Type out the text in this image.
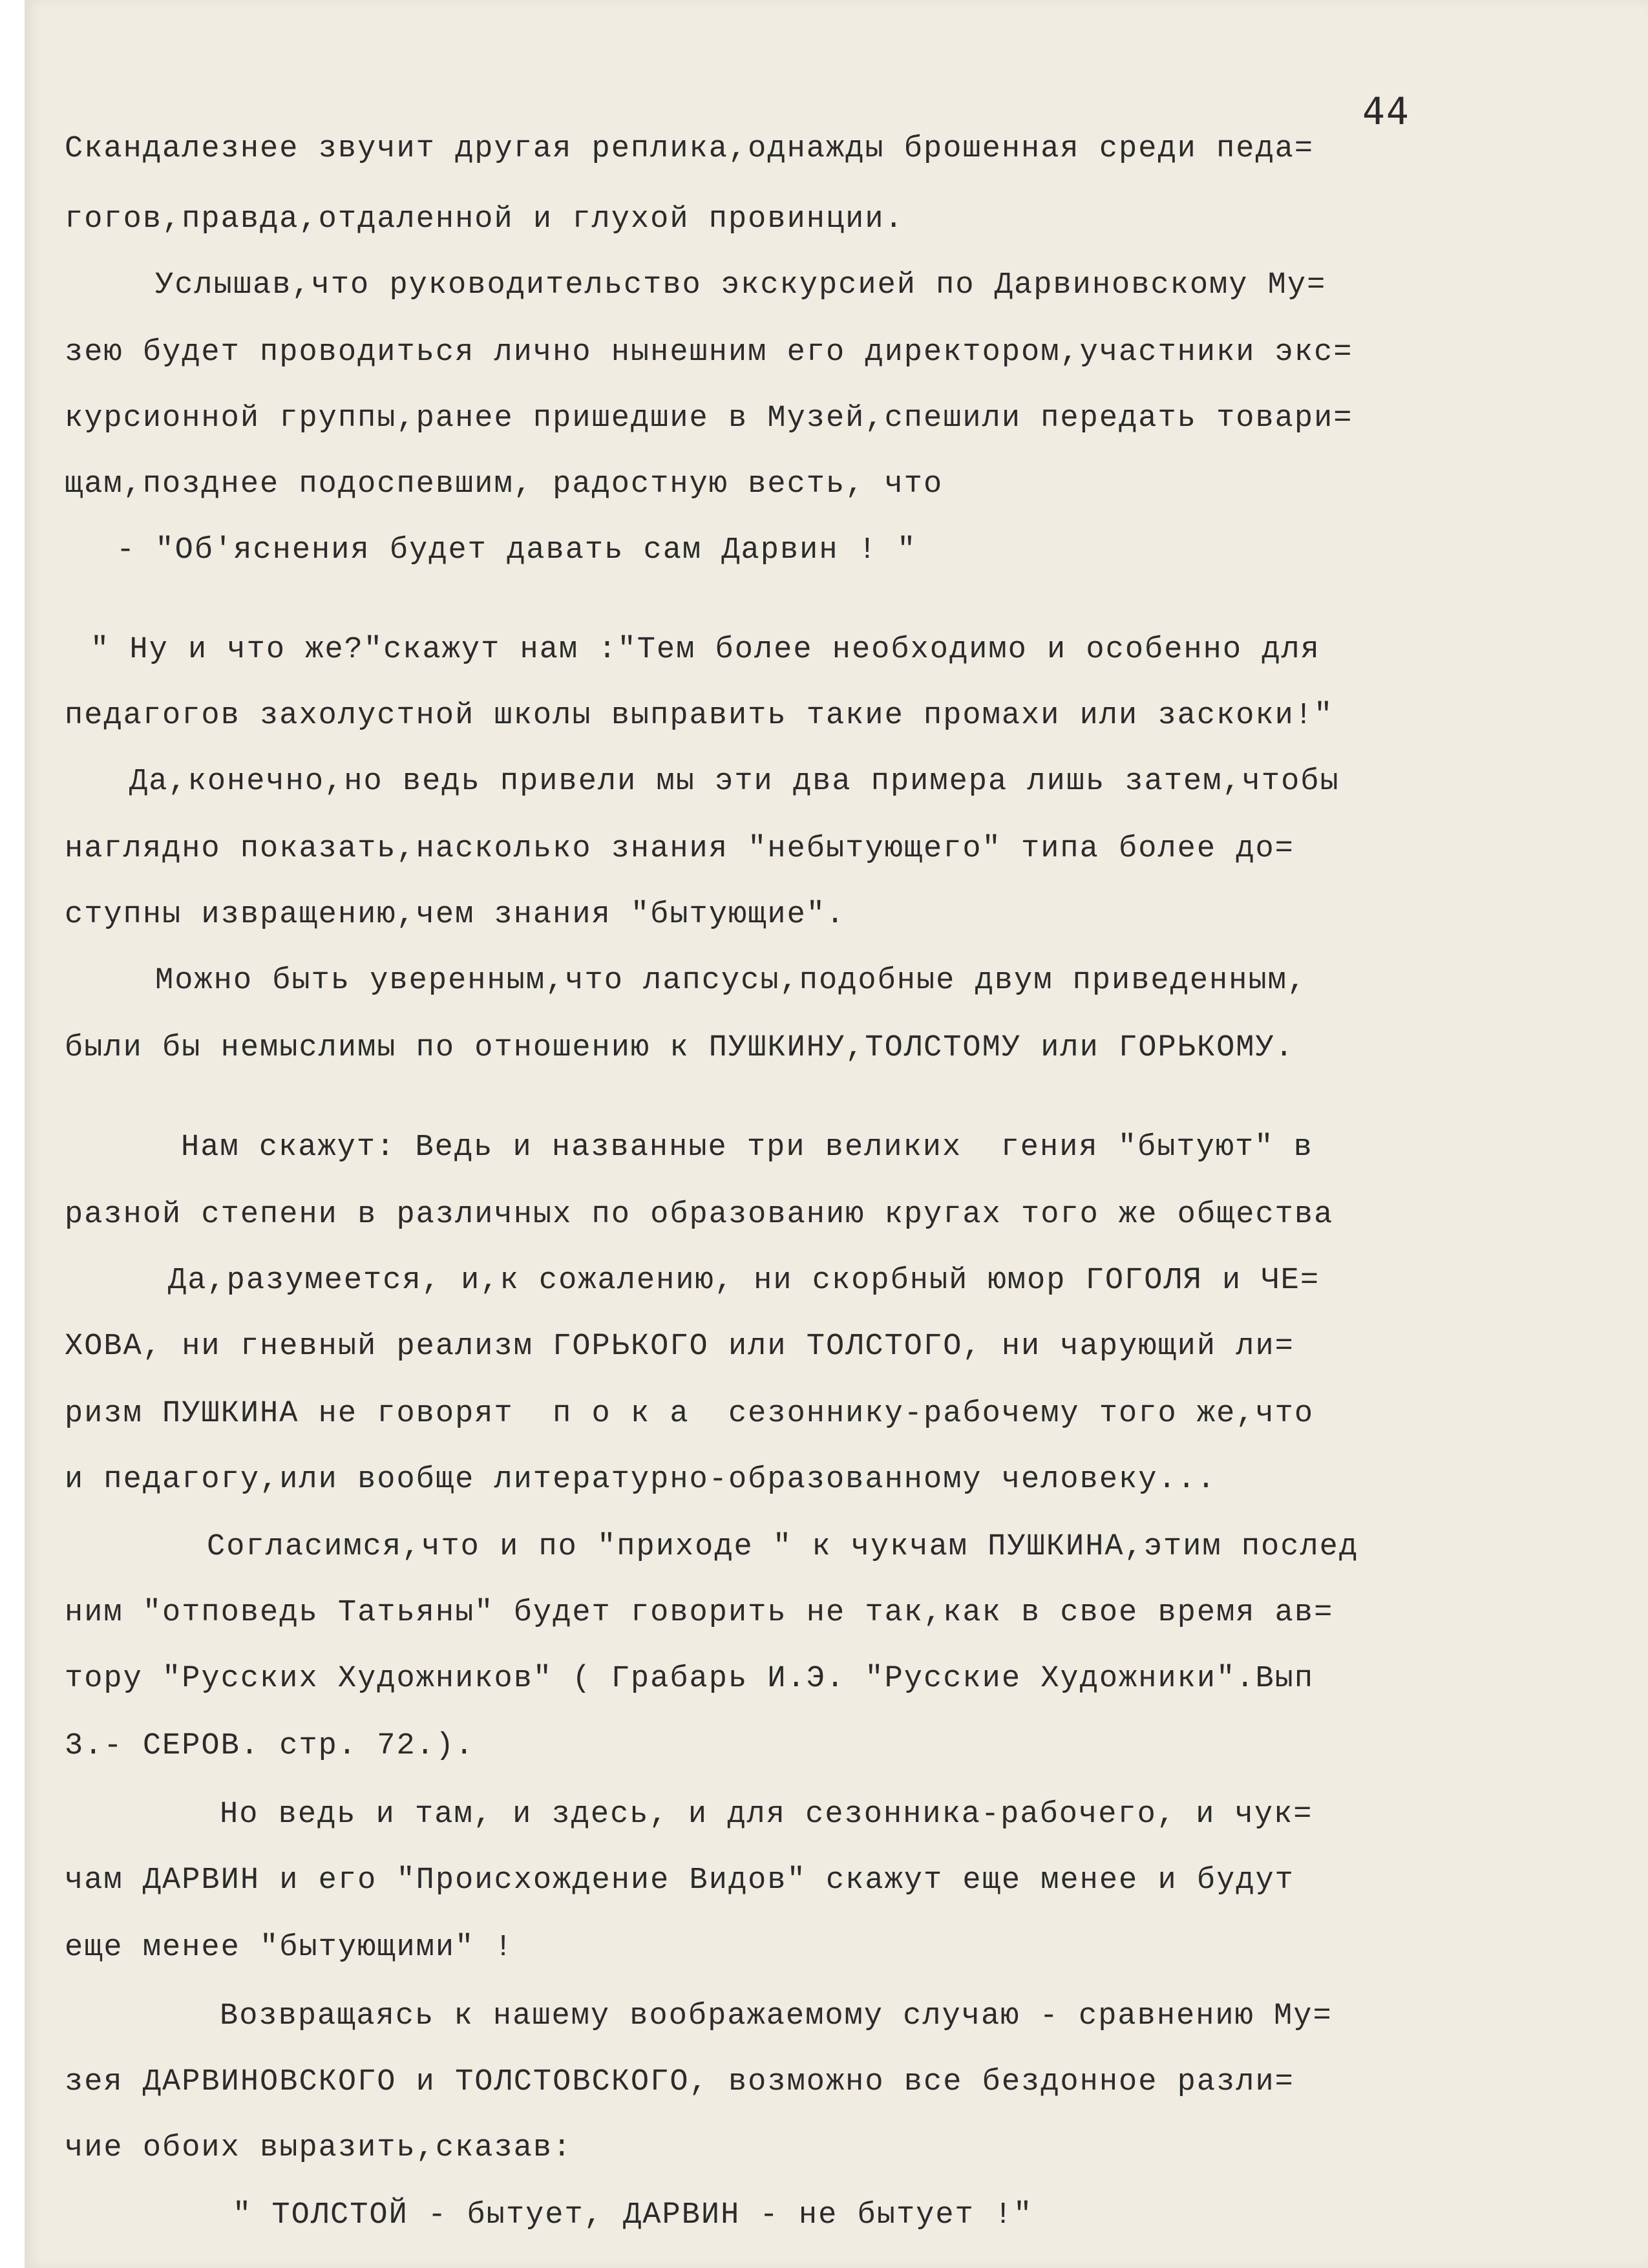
44
Скандалезнее звучит другая реплика,однажды брошенная среди педа=
гогов,правда,отдаленной и глухой провинции.
Услышав,что руководительство экскурсией по Дарвиновскому Му=
зею будет проводиться лично нынешним его директором,участники экс=
курсионной группы,ранее пришедшие в Музей,спешили передать товари=
щам,позднее подоспевшим, радостную весть, что
- "Об'яснения будет давать сам Дарвин ! "
" Ну и что же?"скажут нам :"Тем более необходимо и особенно для
педагогов захолустной школы выправить такие промахи или заскоки!"
Да,конечно,но ведь привели мы эти два примера лишь затем,чтобы
наглядно показать,насколько знания "небытующего" типа более до=
ступны извращению,чем знания "бытующие".
Можно быть уверенным,что лапсусы,подобные двум приведенным,
были бы немыслимы по отношению к ПУШКИНУ,ТОЛСТОМУ или ГОРЬКОМУ.
Нам скажут: Ведь и названные три великих  гения "бытуют" в
разной степени в различных по образованию кругах того же общества
Да,разумеется, и,к сожалению, ни скорбный юмор ГОГОЛЯ и ЧЕ=
ХОВА, ни гневный реализм ГОРЬКОГО или ТОЛСТОГО, ни чарующий ли=
ризм ПУШКИНА не говорят  п о к а  сезоннику-рабочему того же,что
и педагогу,или вообще литературно-образованному человеку...
Согласимся,что и по "приходе " к чукчам ПУШКИНА,этим послед
ним "отповедь Татьяны" будет говорить не так,как в свое время ав=
тору "Русских Художников" ( Грабарь И.Э. "Русские Художники".Вып
3.- СЕРОВ. стр. 72.).
Но ведь и там, и здесь, и для сезонника-рабочего, и чук=
чам ДАРВИН и его "Происхождение Видов" скажут еще менее и будут
еще менее "бытующими" !
Возвращаясь к нашему воображаемому случаю - сравнению Му=
зея ДАРВИНОВСКОГО и ТОЛСТОВСКОГО, возможно все бездонное разли=
чие обоих выразить,сказав:
" ТОЛСТОЙ - бытует, ДАРВИН - не бытует !"
